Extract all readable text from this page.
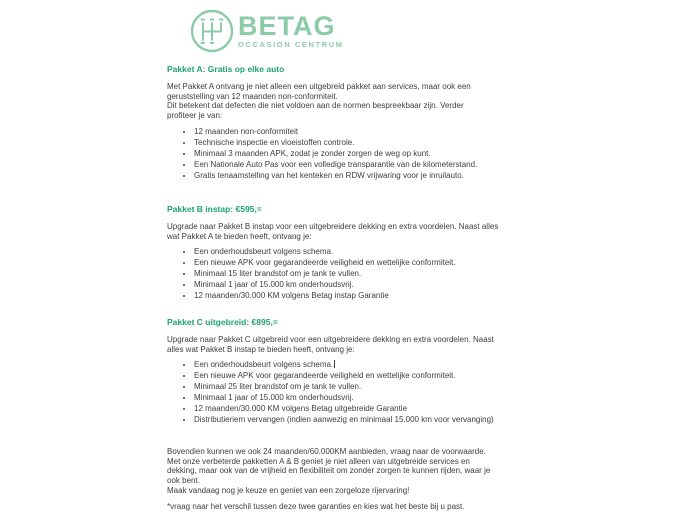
BETAG
OCCASION CENTRUM
Pakket A: Gratis op elke auto
Met Pakket A ontvang je niet alleen een uitgebreid pakket aan services, maar ook een
geruststelling van 12 maanden non-conformiteit.
Dit betekent dat defecten die niet voldoen aan de normen bespreekbaar zijn. Verder
profiteer je van:
• 12 maanden non-conformiteit
• Technische inspectie en vloeistoffen controle.
• Minimaal 3 maanden APK, zodat je zonder zorgen de weg op kunt.
• Een Nationale Auto Pas voor een volledige transparantie van de kilometerstand.
• Gratis tenaamstelling van het kenteken en RDW vrijwaring voor je inruilauto.
Pakket B instap: €595,=
Upgrade naar Pakket B instap voor een uitgebreidere dekking en extra voordelen. Naast alles
wat Pakket A te bieden heeft, ontvang je:
• Een onderhoudsbeurt volgens schema.
• Een nieuwe APK voor gegarandeerde veiligheid en wettelijke conformiteit.
• Minimaal 15 liter brandstof om je tank te vullen.
• Minimaal 1 jaar of 15.000 km onderhoudsvrij.
• 12 maanden/30.000 KM volgens Betag instap Garantie
Pakket C uitgebreid: €895,=
Upgrade naar Pakket C uitgebreid voor een uitgebreidere dekking en extra voordelen. Naast
alles wat Pakket B instap te bieden heeft, ontvang je:
• Een onderhoudsbeurt volgens schema.
• Een nieuwe APK voor gegarandeerde veiligheid en wettelijke conformiteit.
• Minimaal 25 liter brandstof om je tank te vullen.
• Minimaal 1 jaar of 15.000 km onderhoudsvrij.
• 12 maanden/30.000 KM volgens Betag uitgebreide Garantie
• Distributieriem vervangen (indien aanwezig en minimaal 15.000 km voor vervanging)
Bovendien kunnen we ook 24 maanden/60.000KM aanbieden, vraag naar de voorwaarde.
Met onze verbeterde pakketten A & B geniet je niet alleen van uitgebreide services en
dekking, maar ook van de vrijheid en flexibiliteit om zonder zorgen te kunnen rijden, waar je
ook bent.
Maak vandaag nog je keuze en geniet van een zorgeloze rijervaring!
*vraag naar het verschil tussen deze twee garanties en kies wat het beste bij u past.
